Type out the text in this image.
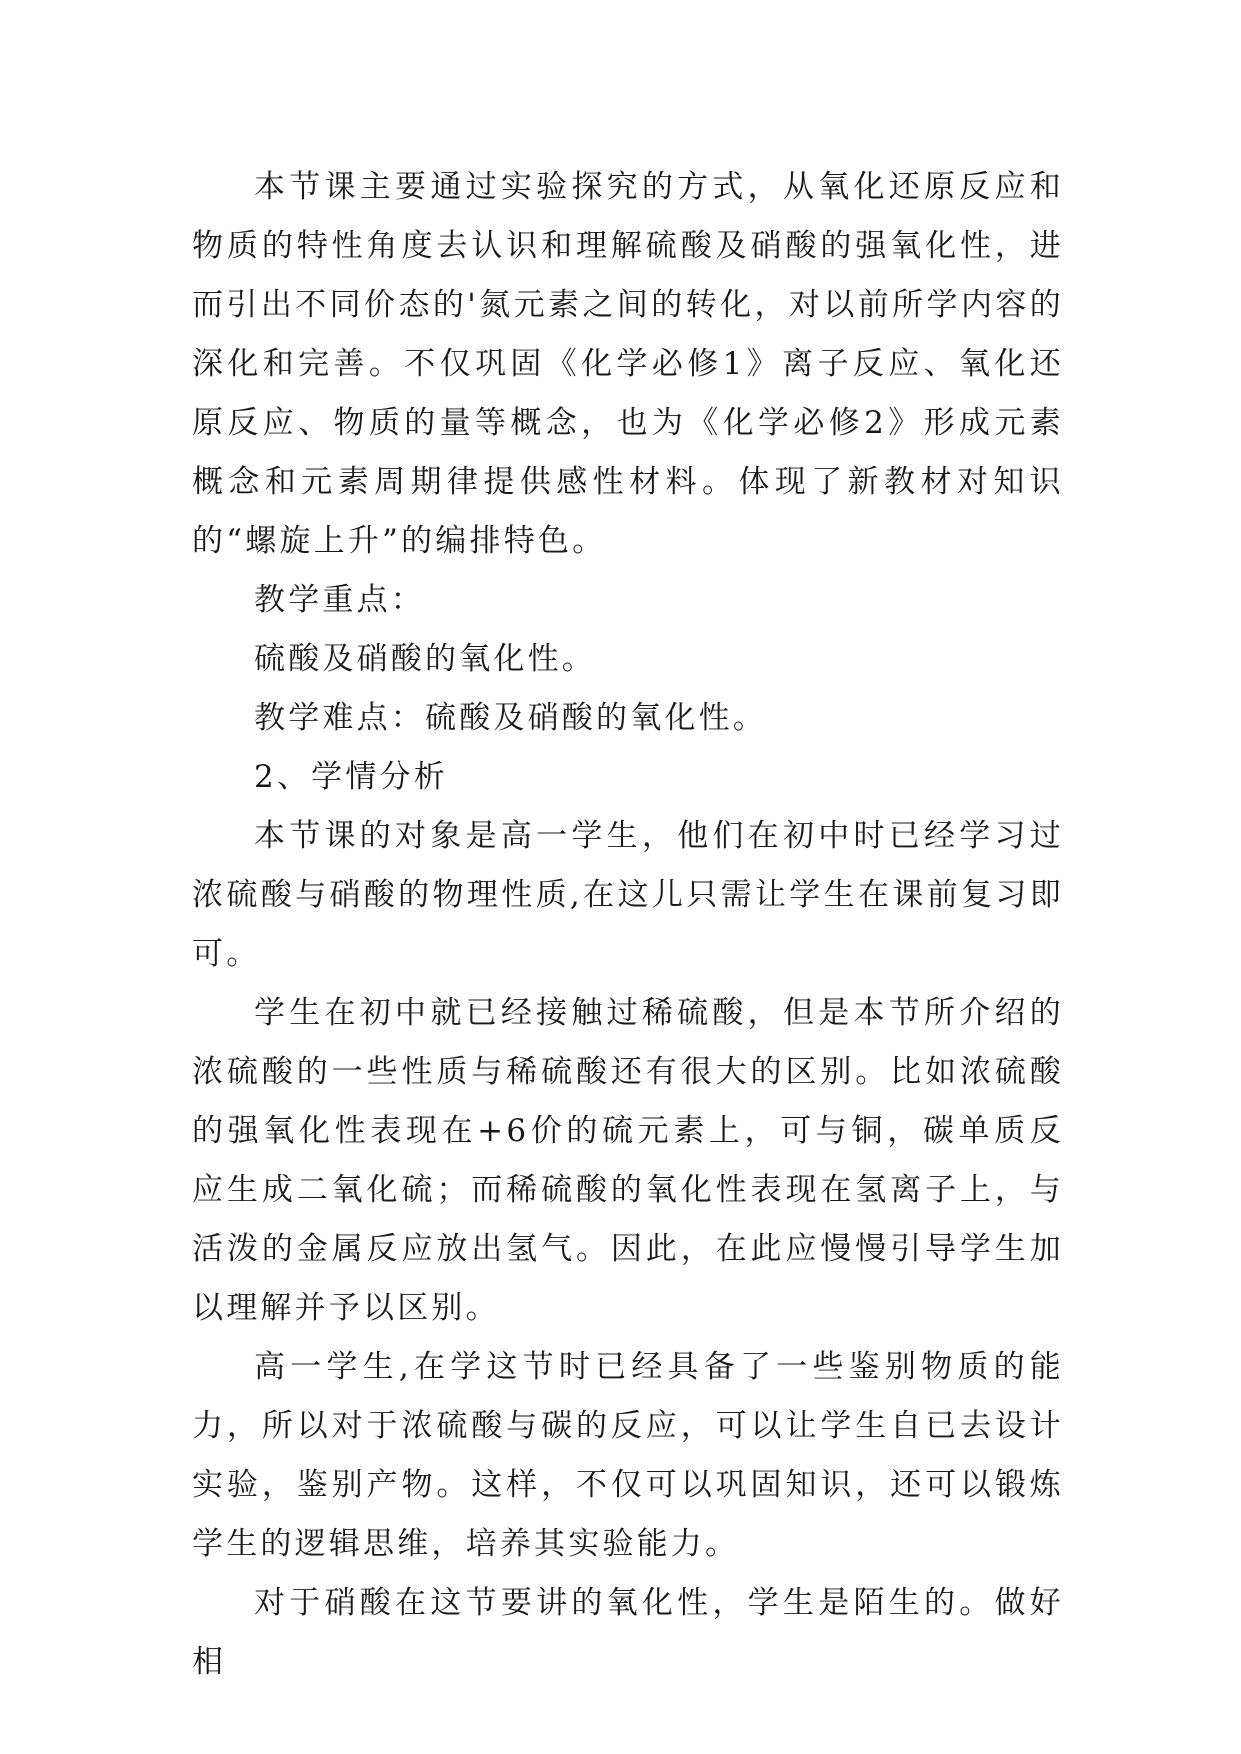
本节课主要通过实验探究的方式，从氧化还原反应和物质的特性角度去认识和理解硫酸及硝酸的强氧化性，进而引出不同价态的'氮元素之间的转化，对以前所学内容的深化和完善。不仅巩固《化学必修1》离子反应、氧化还原反应、物质的量等概念，也为《化学必修2》形成元素概念和元素周期律提供感性材料。体现了新教材对知识的“螺旋上升”的编排特色。

教学重点：

硫酸及硝酸的氧化性。

教学难点：硫酸及硝酸的氧化性。

2、学情分析

本节课的对象是高一学生，他们在初中时已经学习过浓硫酸与硝酸的物理性质,在这儿只需让学生在课前复习即可。

学生在初中就已经接触过稀硫酸，但是本节所介绍的浓硫酸的一些性质与稀硫酸还有很大的区别。比如浓硫酸的强氧化性表现在+6价的硫元素上，可与铜，碳单质反应生成二氧化硫；而稀硫酸的氧化性表现在氢离子上，与活泼的金属反应放出氢气。因此，在此应慢慢引导学生加以理解并予以区别。

高一学生,在学这节时已经具备了一些鉴别物质的能力，所以对于浓硫酸与碳的反应，可以让学生自已去设计实验，鉴别产物。这样，不仅可以巩固知识，还可以锻炼学生的逻辑思维，培养其实验能力。

对于硝酸在这节要讲的氧化性，学生是陌生的。做好相
